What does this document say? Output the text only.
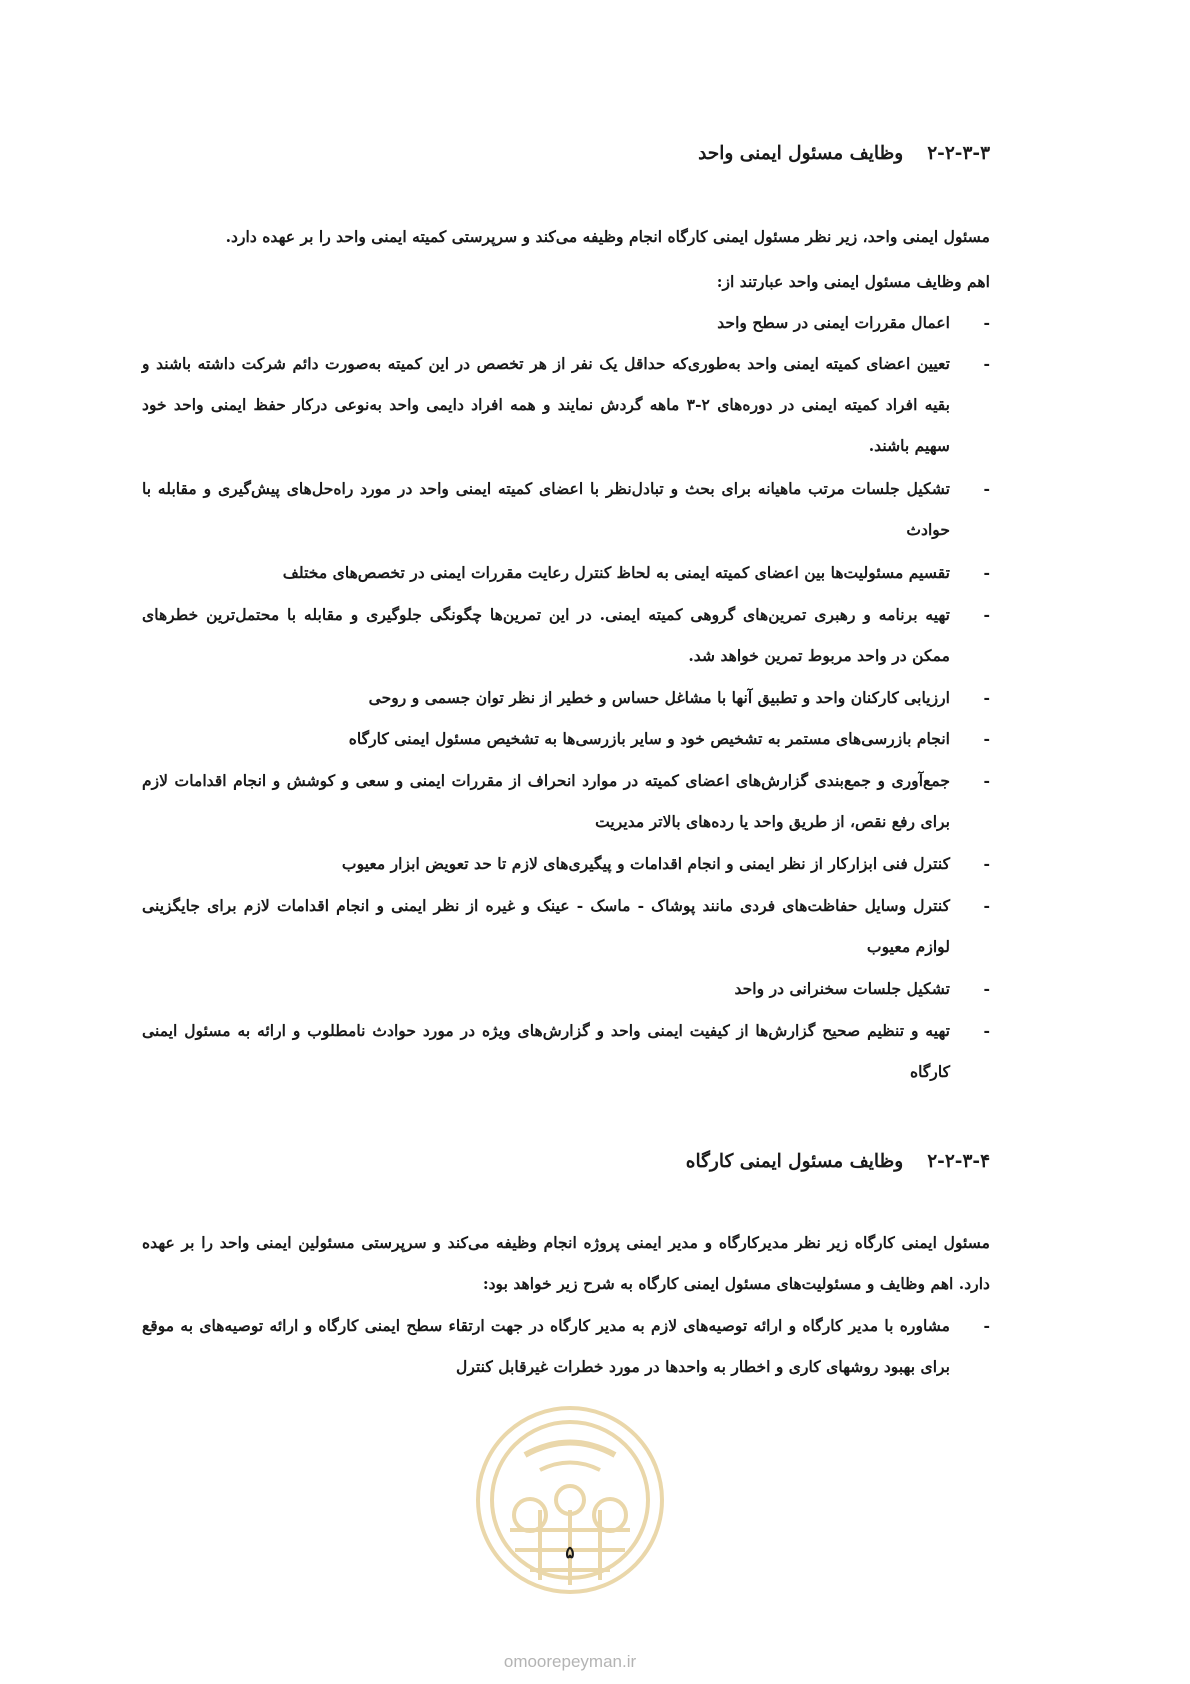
۲-۲-۳-۳وظایف مسئول ایمنی واحد
مسئول ایمنی واحد، زیر نظر مسئول ایمنی کارگاه انجام وظیفه می‌کند و سرپرستی کمیته ایمنی واحد را بر عهده دارد.
اهم وظایف مسئول ایمنی واحد عبارتند از:
-
اعمال مقررات ایمنی در سطح واحد
-
تعیین اعضای کمیته ایمنی واحد به‌طوری‌که حداقل یک نفر از هر تخصص در این کمیته به‌صورت دائم شرکت داشته باشند و بقیه افراد کمیته ایمنی در دوره‌های ۲-۳ ماهه گردش نمایند و همه افراد دایمی واحد به‌نوعی درکار حفظ ایمنی واحد خود سهیم باشند.
-
تشکیل جلسات مرتب ماهیانه برای بحث و تبادل‌نظر با اعضای کمیته ایمنی واحد در مورد راه‌حل‌های پیش‌گیری و مقابله با حوادث
-
تقسیم مسئولیت‌ها بین اعضای کمیته ایمنی به لحاظ کنترل رعایت مقررات ایمنی در تخصص‌های مختلف
-
تهیه برنامه و رهبری تمرین‌های گروهی کمیته ایمنی. در این تمرین‌ها چگونگی جلوگیری و مقابله با محتمل‌ترین خطرهای ممکن در واحد مربوط تمرین خواهد شد.
-
ارزیابی کارکنان واحد و تطبیق آنها با مشاغل حساس و خطیر از نظر توان جسمی و روحی
-
انجام بازرسی‌های مستمر به تشخیص خود و سایر بازرسی‌ها به تشخیص مسئول ایمنی کارگاه
-
جمع‌آوری و جمع‌بندی گزارش‌های اعضای کمیته در موارد انحراف از مقررات ایمنی و سعی و کوشش و انجام اقدامات لازم برای رفع نقص، از طریق واحد یا رده‌های بالاتر مدیریت
-
کنترل فنی ابزارکار از نظر ایمنی و انجام اقدامات و پیگیری‌های لازم تا حد تعویض ابزار معیوب
-
کنترل وسایل حفاظت‌های فردی مانند پوشاک - ماسک - عینک و غیره از نظر ایمنی و انجام اقدامات لازم برای جایگزینی لوازم معیوب
-
تشکیل جلسات سخنرانی در واحد
-
تهیه و تنظیم صحیح گزارش‌ها از کیفیت ایمنی واحد و گزارش‌های ویژه در مورد حوادث نامطلوب و ارائه به مسئول ایمنی کارگاه
۲-۲-۳-۴وظایف مسئول ایمنی کارگاه
مسئول ایمنی کارگاه زیر نظر مدیرکارگاه و مدیر ایمنی پروژه انجام وظیفه می‌کند و سرپرستی مسئولین ایمنی واحد را بر عهده دارد. اهم وظایف و مسئولیت‌های مسئول ایمنی کارگاه به شرح زیر خواهد بود:
-
مشاوره با مدیر کارگاه و ارائه توصیه‌های لازم به مدیر کارگاه در جهت ارتقاء سطح ایمنی کارگاه و ارائه توصیه‌های به موقع برای بهبود روشهای کاری و اخطار به واحدها در مورد خطرات غیرقابل کنترل
۵
omoorepeyman.ir
